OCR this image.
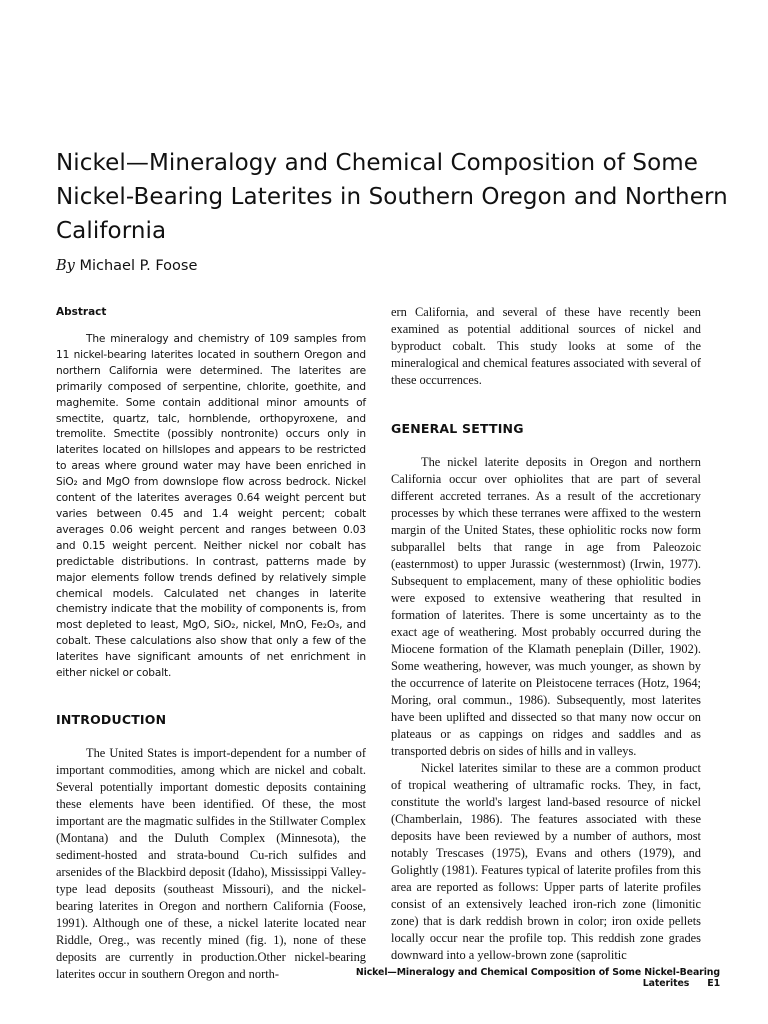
Nickel—Mineralogy and Chemical Composition of Some Nickel-Bearing Laterites in Southern Oregon and Northern California

By Michael P. Foose

Abstract

The mineralogy and chemistry of 109 samples from 11 nickel-bearing laterites located in southern Oregon and northern California were determined. The laterites are primarily composed of serpentine, chlorite, goethite, and maghemite. Some contain additional minor amounts of smectite, quartz, talc, hornblende, orthopyroxene, and tremolite. Smectite (possibly nontronite) occurs only in laterites located on hillslopes and appears to be restricted to areas where ground water may have been enriched in SiO₂ and MgO from downslope flow across bedrock. Nickel content of the laterites averages 0.64 weight percent but varies between 0.45 and 1.4 weight percent; cobalt averages 0.06 weight percent and ranges between 0.03 and 0.15 weight percent. Neither nickel nor cobalt has predictable distributions. In contrast, patterns made by major elements follow trends defined by relatively simple chemical models. Calculated net changes in laterite chemistry indicate that the mobility of components is, from most depleted to least, MgO, SiO₂, nickel, MnO, Fe₂O₃, and cobalt. These calculations also show that only a few of the laterites have significant amounts of net enrichment in either nickel or cobalt.

INTRODUCTION

The United States is import-dependent for a number of important commodities, among which are nickel and cobalt. Several potentially important domestic deposits containing these elements have been identified. Of these, the most important are the magmatic sulfides in the Stillwater Complex (Montana) and the Duluth Complex (Minnesota), the sediment-hosted and strata-bound Cu-rich sulfides and arsenides of the Blackbird deposit (Idaho), Mississippi Valley-type lead deposits (southeast Missouri), and the nickel-bearing laterites in Oregon and northern California (Foose, 1991). Although one of these, a nickel laterite located near Riddle, Oreg., was recently mined (fig. 1), none of these deposits are currently in production.Other nickel-bearing laterites occur in southern Oregon and north-

ern California, and several of these have recently been examined as potential additional sources of nickel and byproduct cobalt. This study looks at some of the mineralogical and chemical features associated with several of these occurrences.

GENERAL SETTING

The nickel laterite deposits in Oregon and northern California occur over ophiolites that are part of several different accreted terranes. As a result of the accretionary processes by which these terranes were affixed to the western margin of the United States, these ophiolitic rocks now form subparallel belts that range in age from Paleozoic (easternmost) to upper Jurassic (westernmost) (Irwin, 1977). Subsequent to emplacement, many of these ophiolitic bodies were exposed to extensive weathering that resulted in formation of laterites. There is some uncertainty as to the exact age of weathering. Most probably occurred during the Miocene formation of the Klamath peneplain (Diller, 1902). Some weathering, however, was much younger, as shown by the occurrence of laterite on Pleistocene terraces (Hotz, 1964; Moring, oral commun., 1986). Subsequently, most laterites have been uplifted and dissected so that many now occur on plateaus or as cappings on ridges and saddles and as transported debris on sides of hills and in valleys.

Nickel laterites similar to these are a common product of tropical weathering of ultramafic rocks. They, in fact, constitute the world's largest land-based resource of nickel (Chamberlain, 1986). The features associated with these deposits have been reviewed by a number of authors, most notably Trescases (1975), Evans and others (1979), and Golightly (1981). Features typical of laterite profiles from this area are reported as follows: Upper parts of laterite profiles consist of an extensively leached iron-rich zone (limonitic zone) that is dark reddish brown in color; iron oxide pellets locally occur near the profile top. This reddish zone grades downward into a yellow-brown zone (saprolitic

Nickel—Mineralogy and Chemical Composition of Some Nickel-Bearing Laterites E1
